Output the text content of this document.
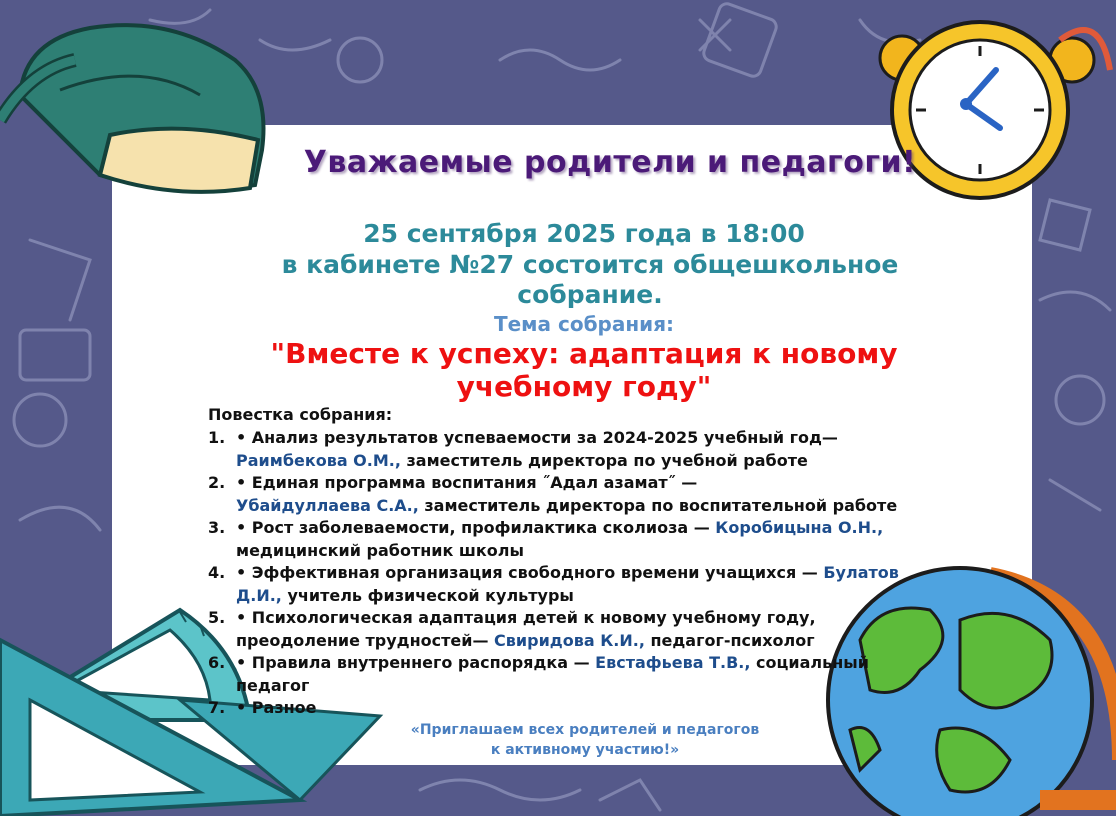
Уважаемые родители и педагоги!

25 сентября 2025 года в 18:00

в кабинете №27 состоится общешкольное

собрание.

Тема собрания:

"Вместе к успеху: адаптация к новому

учебному году"

Повестка собрания:

1. • Анализ результатов успеваемости за 2024-2025 учебный год—
Раимбекова О.М., заместитель директора по учебной работе
2. • Единая программа воспитания ˝Адал азамат˝ —
Убайдуллаева С.А., заместитель директора по воспитательной работе
3. • Рост заболеваемости, профилактика сколиоза — Коробицына О.Н.,
медицинский работник школы
4. • Эффективная организация свободного времени учащихся — Булатов
Д.И., учитель физической культуры
5. • Психологическая адаптация детей к новому учебному году,
преодоление трудностей— Свиридова К.И., педагог-психолог
6. • Правила внутреннего распорядка — Евстафьева Т.В., социальный
педагог
7. • Разное

«Приглашаем всех родителей и педагогов

к активному участию!»
